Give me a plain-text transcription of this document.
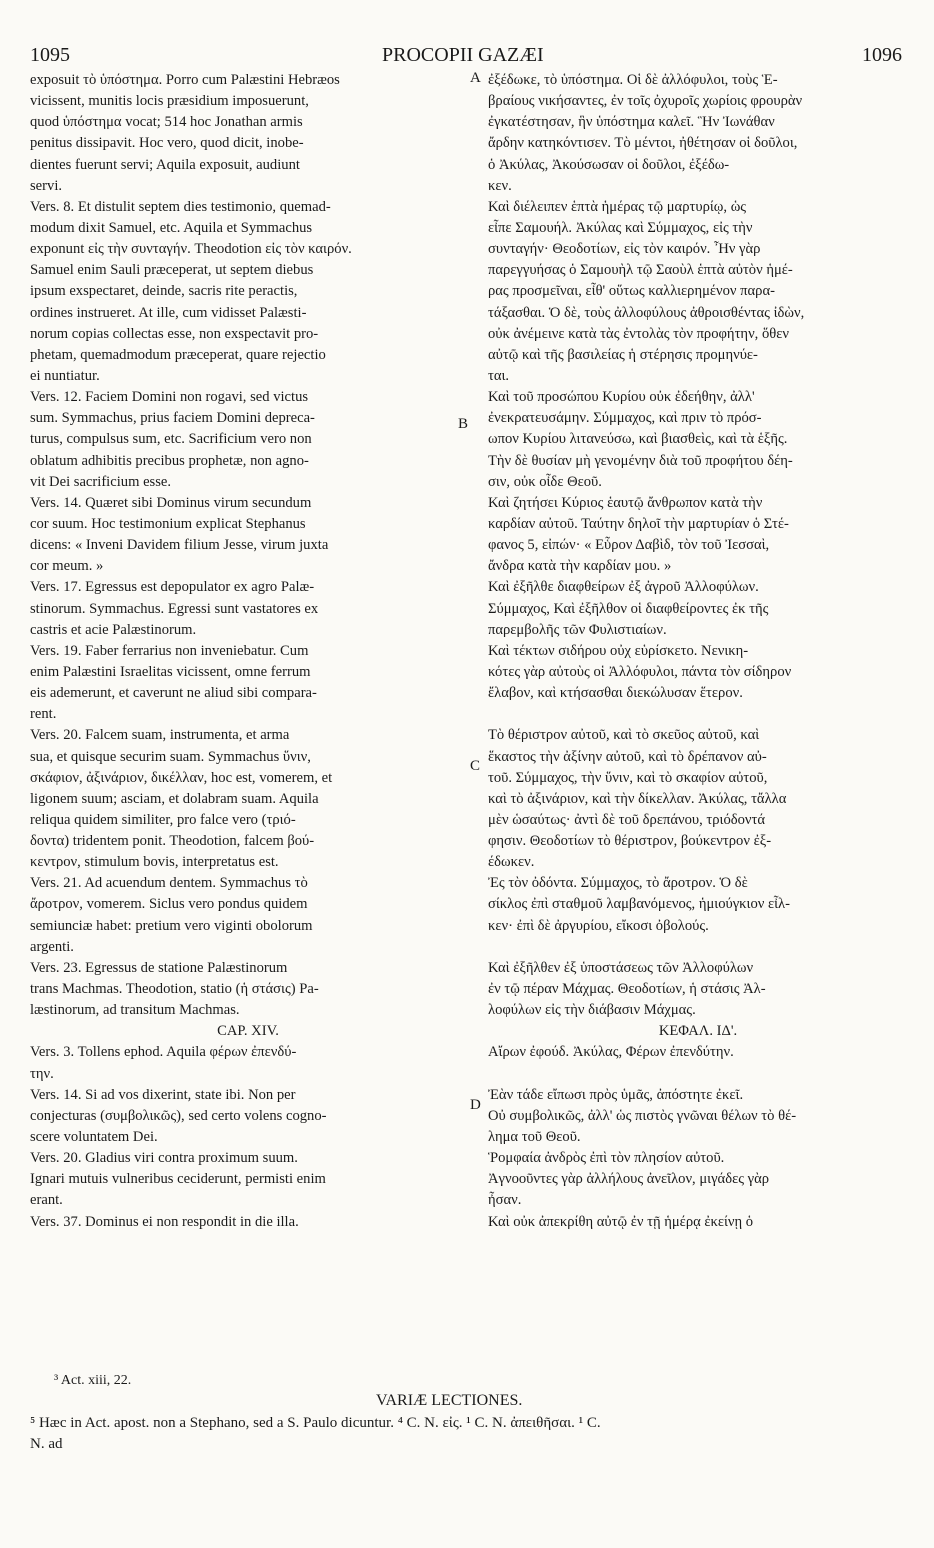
1095	PROCOPII GAZÆI	1096
exposuit τὸ ὑπόστημα. Porro cum Palæstini Hebræos
vicissent, munitis locis præsidium imposuerunt,
quod ὑπόστημα vocat; 514 hoc Jonathan armis
penitus dissipavit. Hoc vero, quod dicit, inobe-
dientes fuerunt servi; Aquila exposuit, audiunt
servi.
Vers. 8. Et distulit septem dies testimonio, quemad-
modum dixit Samuel, etc. Aquila et Symmachus
exponunt εἰς τὴν συνταγήν. Theodotion εἰς τὸν καιρόν.
Samuel enim Sauli præceperat, ut septem diebus
ipsum exspectaret, deinde, sacris rite peractis,
ordines instrueret. At ille, cum vidisset Palæsti-
norum copias collectas esse, non exspectavit pro-
phetam, quemadmodum præceperat, quare rejectio
ei nuntiatur.
Vers. 12. Faciem Domini non rogavi, sed victus
sum. Symmachus, prius faciem Domini depreca-
turus, compulsus sum, etc. Sacrificium vero non
oblatum adhibitis precibus prophetæ, non agno-
vit Dei sacrificium esse.
Vers. 14. Quæret sibi Dominus virum secundum
cor suum. Hoc testimonium explicat Stephanus
dicens: « Inveni Davidem filium Jesse, virum juxta
cor meum. »
Vers. 17. Egressus est depopulator ex agro Palæ-
stinorum. Symmachus. Egressi sunt vastatores ex
castris et acie Palæstinorum.
Vers. 19. Faber ferrarius non inveniebatur. Cum
enim Palæstini Israelitas vicissent, omne ferrum
eis ademerunt, et caverunt ne aliud sibi compara-
rent.
Vers. 20. Falcem suam, instrumenta, et arma
sua, et quisque securim suam. Symmachus ὕνιν,
σκάφιον, ἀξινάριον, δικέλλαν, hoc est, vomerem, et
ligonem suum; asciam, et dolabram suam. Aquila
reliqua quidem similiter, pro falce vero (τριό-
δοντα) tridentem ponit. Theodotion, falcem βού-
κεντρον, stimulum bovis, interpretatus est.
Vers. 21. Ad acuendum dentem. Symmachus τὸ
ἄροτρον, vomerem. Siclus vero pondus quidem
semiunciæ habet: pretium vero viginti obolorum
argenti.
Vers. 23. Egressus de statione Palæstinorum
trans Machmas. Theodotion, statio (ἡ στάσις) Pa-
læstinorum, ad transitum Machmas.
CAP. XIV.
Vers. 3. Tollens ephod. Aquila φέρων ἐπενδύ-
την.
Vers. 14. Si ad vos dixerint, state ibi. Non per
conjecturas (συμβολικῶς), sed certo volens cogno-
scere voluntatem Dei.
Vers. 20. Gladius viri contra proximum suum.
Ignari mutuis vulneribus ceciderunt, permisti enim
erant.
Vers. 37. Dominus ei non respondit in die illa.
ἐξέδωκε, τὸ ὑπόστημα. Οἱ δὲ ἀλλόφυλοι, τοὺς Ἑ-
βραίους νικήσαντες, ἐν τοῖς ὀχυροῖς χωρίοις φρουρὰν
ἐγκατέστησαν, ἣν ὑπόστημα καλεῖ. Ἣν Ἰωνάθαν
ἄρδην κατηκόντισεν. Τὸ μέντοι, ἠθέτησαν οἱ δοῦλοι,
ὁ Ἀκύλας, Ἀκούσωσαν οἱ δοῦλοι, ἐξέδω-
κεν.
Καὶ διέλειπεν ἑπτὰ ἡμέρας τῷ μαρτυρίῳ, ὡς
εἶπε Σαμουήλ. Ἀκύλας καὶ Σύμμαχος, εἰς τὴν
συνταγήν· Θεοδοτίων, εἰς τὸν καιρόν. Ἦν γὰρ
παρεγγυήσας ὁ Σαμουὴλ τῷ Σαοὺλ ἑπτὰ αὐτὸν ἡμέ-
ρας προσμεῖναι, εἶθ' οὕτως καλλιερημένον παρα-
τάξασθαι. Ὁ δὲ, τοὺς ἀλλοφύλους ἀθροισθέντας ἰδὼν,
οὐκ ἀνέμεινε κατὰ τὰς ἐντολὰς τὸν προφήτην, ὅθεν
αὐτῷ καὶ τῆς βασιλείας ἡ στέρησις προμηνύε-
ται.
Καὶ τοῦ προσώπου Κυρίου οὐκ ἐδεήθην, ἀλλ'
ἐνεκρατευσάμην. Σύμμαχος, καὶ πριν τὸ πρόσ-
ωπον Κυρίου λιτανεύσω, καὶ βιασθεὶς, καὶ τὰ ἑξῆς.
Τὴν δὲ θυσίαν μὴ γενομένην διὰ τοῦ προφήτου δέη-
σιν, οὐκ οἶδε Θεοῦ.
Καὶ ζητήσει Κύριος ἑαυτῷ ἄνθρωπον κατὰ τὴν
καρδίαν αὐτοῦ. Ταύτην δηλοῖ τὴν μαρτυρίαν ὁ Στέ-
φανος 5, εἰπών· « Εὗρον Δαβὶδ, τὸν τοῦ Ἰεσσαὶ,
ἄνδρα κατὰ τὴν καρδίαν μου. »
Καὶ ἐξῆλθε διαφθείρων ἐξ ἀγροῦ Ἀλλοφύλων.
Σύμμαχος, Καὶ ἐξῆλθον οἱ διαφθείροντες ἐκ τῆς
παρεμβολῆς τῶν Φυλιστιαίων.
Καὶ τέκτων σιδήρου οὐχ εὑρίσκετο. Νενικη-
κότες γὰρ αὐτοὺς οἱ Ἀλλόφυλοι, πάντα τὸν σίδηρον
ἔλαβον, καὶ κτήσασθαι διεκώλυσαν ἕτερον.
Τὸ θέριστρον αὐτοῦ, καὶ τὸ σκεῦος αὐτοῦ, καὶ
ἕκαστος τὴν ἀξίνην αὐτοῦ, καὶ τὸ δρέπανον αὐ-
τοῦ. Σύμμαχος, τὴν ὕνιν, καὶ τὸ σκαφίον αὐτοῦ,
καὶ τὸ ἀξινάριον, καὶ τὴν δίκελλαν. Ἀκύλας, τἄλλα
μὲν ὡσαύτως· ἀντὶ δὲ τοῦ δρεπάνου, τριόδοντά
φησιν. Θεοδοτίων τὸ θέριστρον, βούκεντρον ἐξ-
έδωκεν.
Ἐς τὸν ὀδόντα. Σύμμαχος, τὸ ἄροτρον. Ὁ δὲ
σίκλος ἐπὶ σταθμοῦ λαμβανόμενος, ἡμιούγκιον εἶλ-
κεν· ἐπὶ δὲ ἀργυρίου, εἴκοσι ὀβολούς.
Καὶ ἐξῆλθεν ἐξ ὑποστάσεως τῶν Ἀλλοφύλων
ἐν τῷ πέραν Μάχμας. Θεοδοτίων, ἡ στάσις Ἀλ-
λοφύλων εἰς τὴν διάβασιν Μάχμας.
ΚΕΦΑΛ. ΙΔ'.
Αἴρων ἐφούδ. Ἀκύλας, Φέρων ἐπενδύτην.
Ἐὰν τάδε εἴπωσι πρὸς ὑμᾶς, ἀπόστητε ἐκεῖ.
Οὐ συμβολικῶς, ἀλλ' ὡς πιστὸς γνῶναι θέλων τὸ θέ-
λημα τοῦ Θεοῦ.
Ῥομφαία ἀνδρὸς ἐπὶ τὸν πλησίον αὐτοῦ.
Ἀγνοοῦντες γὰρ ἀλλήλους ἀνεῖλον, μιγάδες γὰρ
ἦσαν.
Καὶ οὐκ ἀπεκρίθη αὐτῷ ἐν τῇ ἡμέρᾳ ἐκείνῃ ὁ
A
B
C
D
³ Act. xiii, 22.
VARIÆ LECTIONES.
⁵ Hæc in Act. apost. non a Stephano, sed a S. Paulo dicuntur. ⁴ C. N. εἰς. ¹ C. N. ἀπειθῆσαι. ¹ C.
N. ad
